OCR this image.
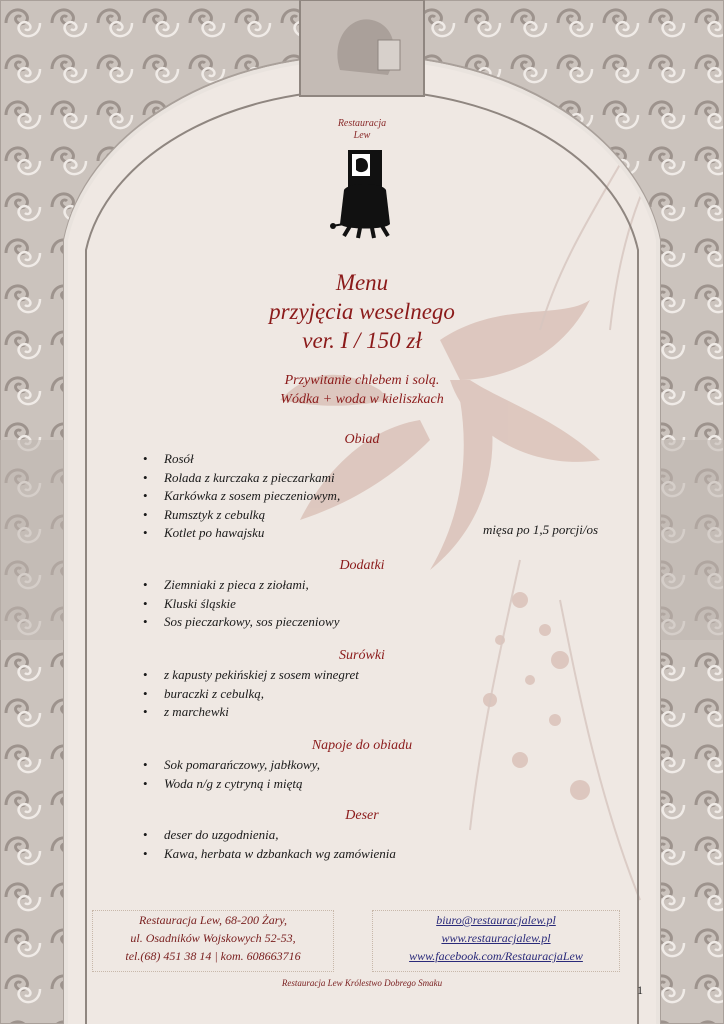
Restauracja
Lew
Menu
przyjęcia weselnego
ver. I / 150 zł
Przywitanie chlebem i solą.
Wódka + woda w kieliszkach
Obiad
• Rosół
• Rolada z kurczaka z pieczarkami
• Karkówka z sosem pieczeniowym,
• Rumsztyk z cebulką
• Kotlet po hawajsku	mięsa po 1,5 porcji/os
Dodatki
• Ziemniaki z pieca z ziołami,
• Kluski śląskie
• Sos pieczarkowy, sos pieczeniowy
Surówki
• z kapusty pekińskiej z sosem winegret
• buraczki z cebulką,
• z marchewki
Napoje do obiadu
• Sok pomarańczowy, jabłkowy,
• Woda n/g z cytryną i miętą
Deser
• deser do uzgodnienia,
• Kawa, herbata w dzbankach wg zamówienia
Restauracja Lew, 68-200 Żary,
ul. Osadników Wojskowych 52-53,
tel.(68) 451 38 14 | kom. 608663716
biuro@restauracjalew.pl
www.restauracjalew.pl
www.facebook.com/RestauracjaLew
Restauracja Lew Królestwo Dobrego Smaku	1
